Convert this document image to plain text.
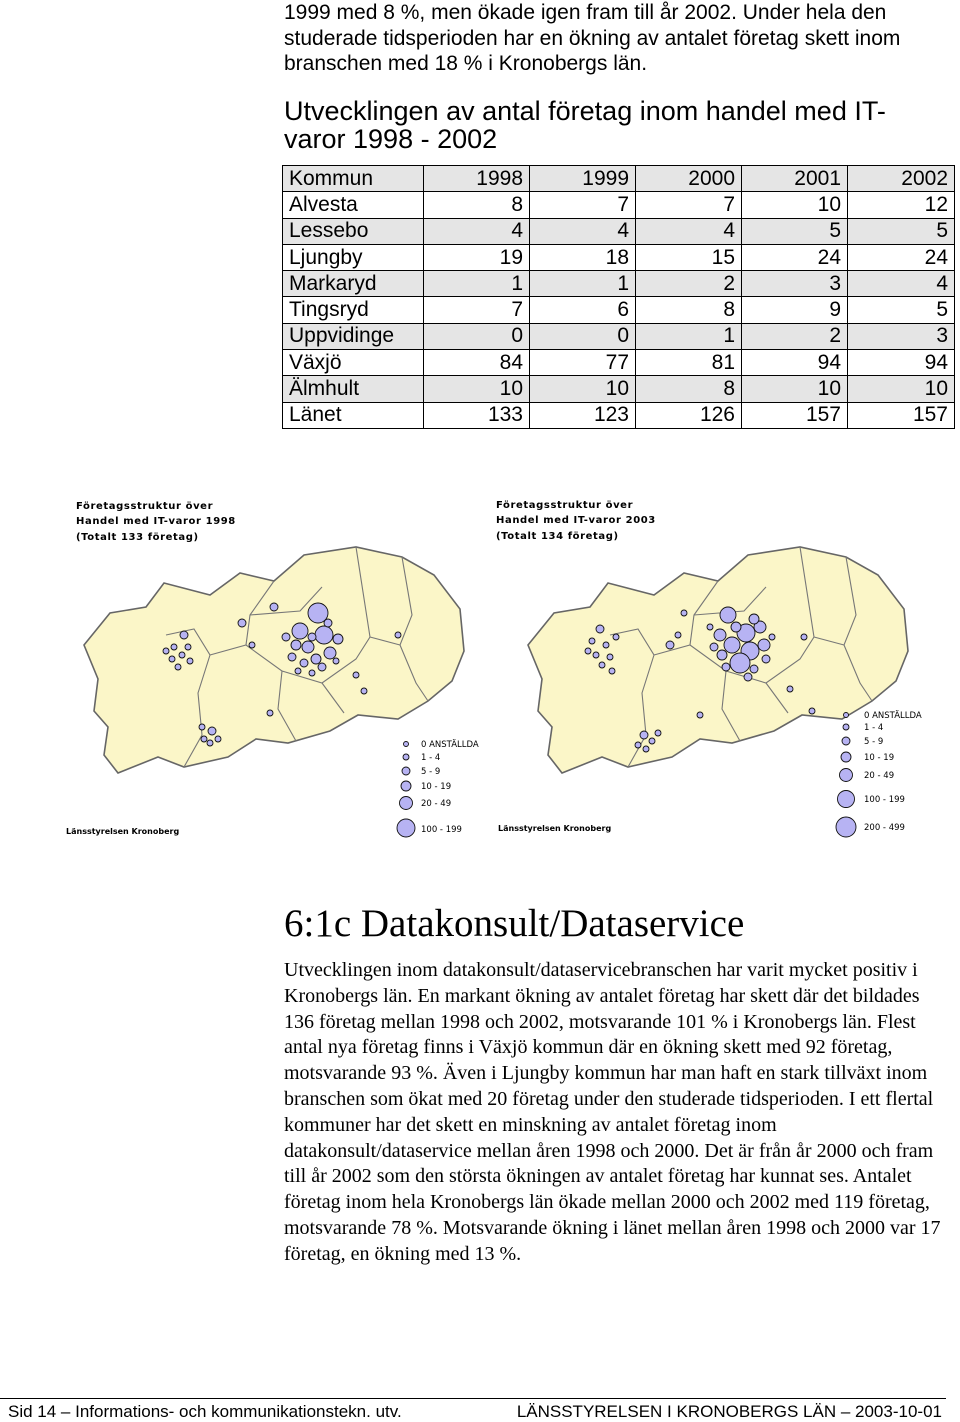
1999 med 8 %, men ökade igen fram till år 2002. Under hela den studerade tidsperioden har en ökning av antalet företag skett inom branschen med 18 % i Kronobergs län.
Utvecklingen av antal företag inom handel med IT-varor 1998 - 2002
Kommun	1998	1999	2000	2001	2002
Alvesta	8	7	7	10	12
Lessebo	4	4	4	5	5
Ljungby	19	18	15	24	24
Markaryd	1	1	2	3	4
Tingsryd	7	6	8	9	5
Uppvidinge	0	0	1	2	3
Växjö	84	77	81	94	94
Älmhult	10	10	8	10	10
Länet	133	123	126	157	157
Företagsstruktur över
Handel med IT-varor 1998
(Totalt 133 företag)
0 ANSTÄLLDA
1 - 4
5 - 9
10 - 19
20 - 49
100 - 199
Länsstyrelsen Kronoberg
Företagsstruktur över
Handel med IT-varor 2003
(Totalt 134 företag)
0 ANSTÄLLDA
1 - 4
5 - 9
10 - 19
20 - 49
100 - 199
200 - 499
Länsstyrelsen Kronoberg
6:1c Datakonsult/Dataservice
Utvecklingen inom datakonsult/dataservicebranschen har varit mycket positiv i Kronobergs län. En markant ökning av antalet företag har skett där det bildades 136 företag mellan 1998 och 2002, motsvarande 101 % i Kronobergs län. Flest antal nya företag finns i Växjö kommun där en ökning skett med 92 företag, motsvarande 93 %. Även i Ljungby kommun har man haft en stark tillväxt inom branschen som ökat med 20 företag under den studerade tidsperioden. I ett flertal kommuner har det skett en minskning av antalet företag inom datakonsult/dataservice mellan åren 1998 och 2000. Det är från år 2000 och fram till år 2002 som den största ökningen av antalet företag har kunnat ses. Antalet företag inom hela Kronobergs län ökade mellan 2000 och 2002 med 119 företag, motsvarande 78 %. Motsvarande ökning i länet mellan åren 1998 och 2000 var 17 företag, en ökning med 13 %.
Sid 14 – Informations- och kommunikationstekn. utv.	LÄNSSTYRELSEN I KRONOBERGS LÄN – 2003-10-01
